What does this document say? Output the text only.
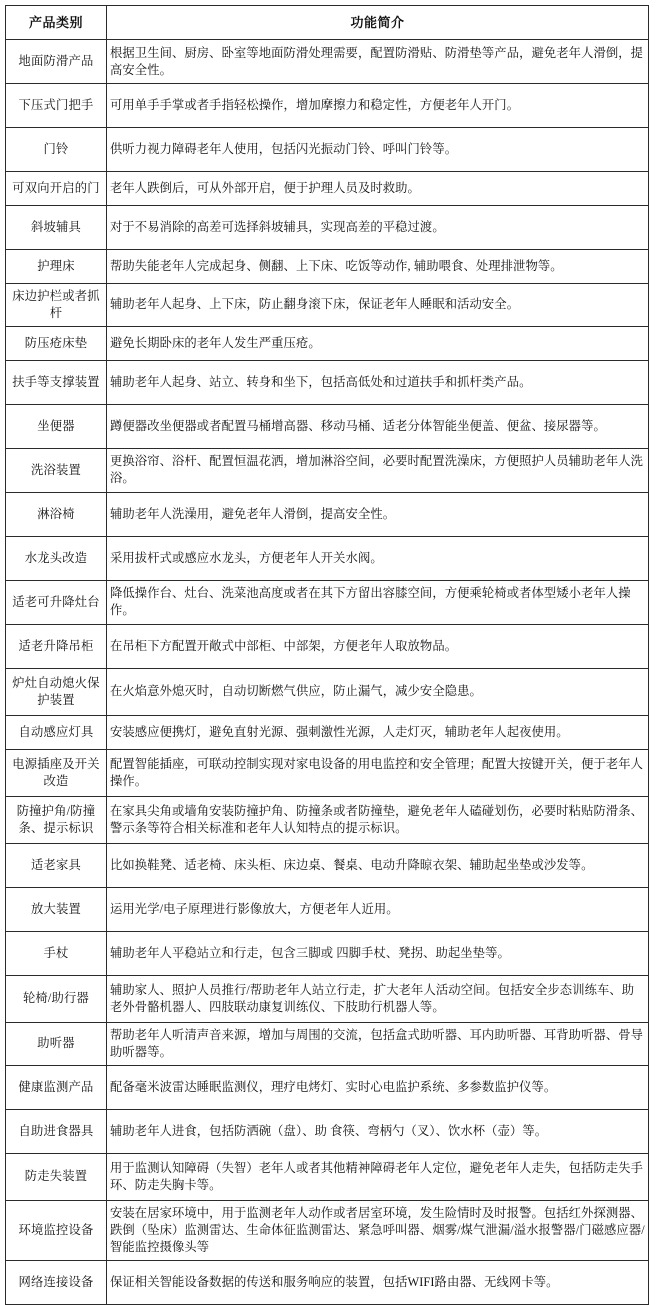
产品类别	功能简介
地面防滑产品	根据卫生间、厨房、卧室等地面防滑处理需要，配置防滑贴、防滑垫等产品，避免老年人滑倒，提高安全性。
下压式门把手	可用单手手掌或者手指轻松操作，增加摩擦力和稳定性，方便老年人开门。
门铃	供听力视力障碍老年人使用，包括闪光振动门铃、呼叫门铃等。
可双向开启的门	老年人跌倒后，可从外部开启，便于护理人员及时救助。
斜坡辅具	对于不易消除的高差可选择斜坡辅具，实现高差的平稳过渡。
护理床	帮助失能老年人完成起身、侧翻、上下床、吃饭等动作, 辅助喂食、处理排泄物等。
床边护栏或者抓杆	辅助老年人起身、上下床，防止翻身滚下床，保证老年人睡眠和活动安全。
防压疮床垫	避免长期卧床的老年人发生严重压疮。
扶手等支撑装置	辅助老年人起身、站立、转身和坐下，包括高低处和过道扶手和抓杆类产品。
坐便器	蹲便器改坐便器或者配置马桶增高器、移动马桶、适老分体智能坐便盖、便盆、接尿器等。
洗浴装置	更换浴帘、浴杆、配置恒温花洒，增加淋浴空间，必要时配置洗澡床，方便照护人员辅助老年人洗浴。
淋浴椅	辅助老年人洗澡用，避免老年人滑倒，提高安全性。
水龙头改造	采用拔杆式或感应水龙头，方便老年人开关水阀。
适老可升降灶台	降低操作台、灶台、洗菜池高度或者在其下方留出容膝空间，方便乘轮椅或者体型矮小老年人操作。
适老升降吊柜	在吊柜下方配置开敞式中部柜、中部架，方便老年人取放物品。
炉灶自动熄火保护装置	在火焰意外熄灭时，自动切断燃气供应，防止漏气，减少安全隐患。
自动感应灯具	安装感应便携灯，避免直射光源、强刺激性光源，人走灯灭，辅助老年人起夜使用。
电源插座及开关改造	配置智能插座，可联动控制实现对家电设备的用电监控和安全管理；配置大按键开关，便于老年人操作。
防撞护角/防撞条、提示标识	在家具尖角或墙角安装防撞护角、防撞条或者防撞垫，避免老年人磕碰划伤，必要时粘贴防滑条、警示条等符合相关标准和老年人认知特点的提示标识。
适老家具	比如换鞋凳、适老椅、床头柜、床边桌、餐桌、电动升降晾衣架、辅助起坐垫或沙发等。
放大装置	运用光学/电子原理进行影像放大，方便老年人近用。
手杖	辅助老年人平稳站立和行走，包含三脚或 四脚手杖、凳拐、助起坐垫等。
轮椅/助行器	辅助家人、照护人员推行/帮助老年人站立行走，扩大老年人活动空间。包括安全步态训练车、助老外骨骼机器人、四肢联动康复训练仪、下肢助行机器人等。
助听器	帮助老年人听清声音来源，增加与周围的交流，包括盒式助听器、耳内助听器、耳背助听器、骨导助听器等。
健康监测产品	配备毫米波雷达睡眠监测仪，理疗电烤灯、实时心电监护系统、多参数监护仪等。
自助进食器具	辅助老年人进食，包括防洒碗（盘）、助 食筷、弯柄勺（叉）、饮水杯（壶）等。
防走失装置	用于监测认知障碍（失智）老年人或者其他精神障碍老年人定位，避免老年人走失，包括防走失手环、防走失胸卡等。
环境监控设备	安装在居家环境中，用于监测老年人动作或者居室环境，发生险情时及时报警。包括红外探测器、跌倒（坠床）监测雷达、生命体征监测雷达、紧急呼叫器、烟雾/煤气泄漏/溢水报警器/门磁感应器/智能监控摄像头等
网络连接设备	保证相关智能设备数据的传送和服务响应的装置，包括WIFI路由器、无线网卡等。
